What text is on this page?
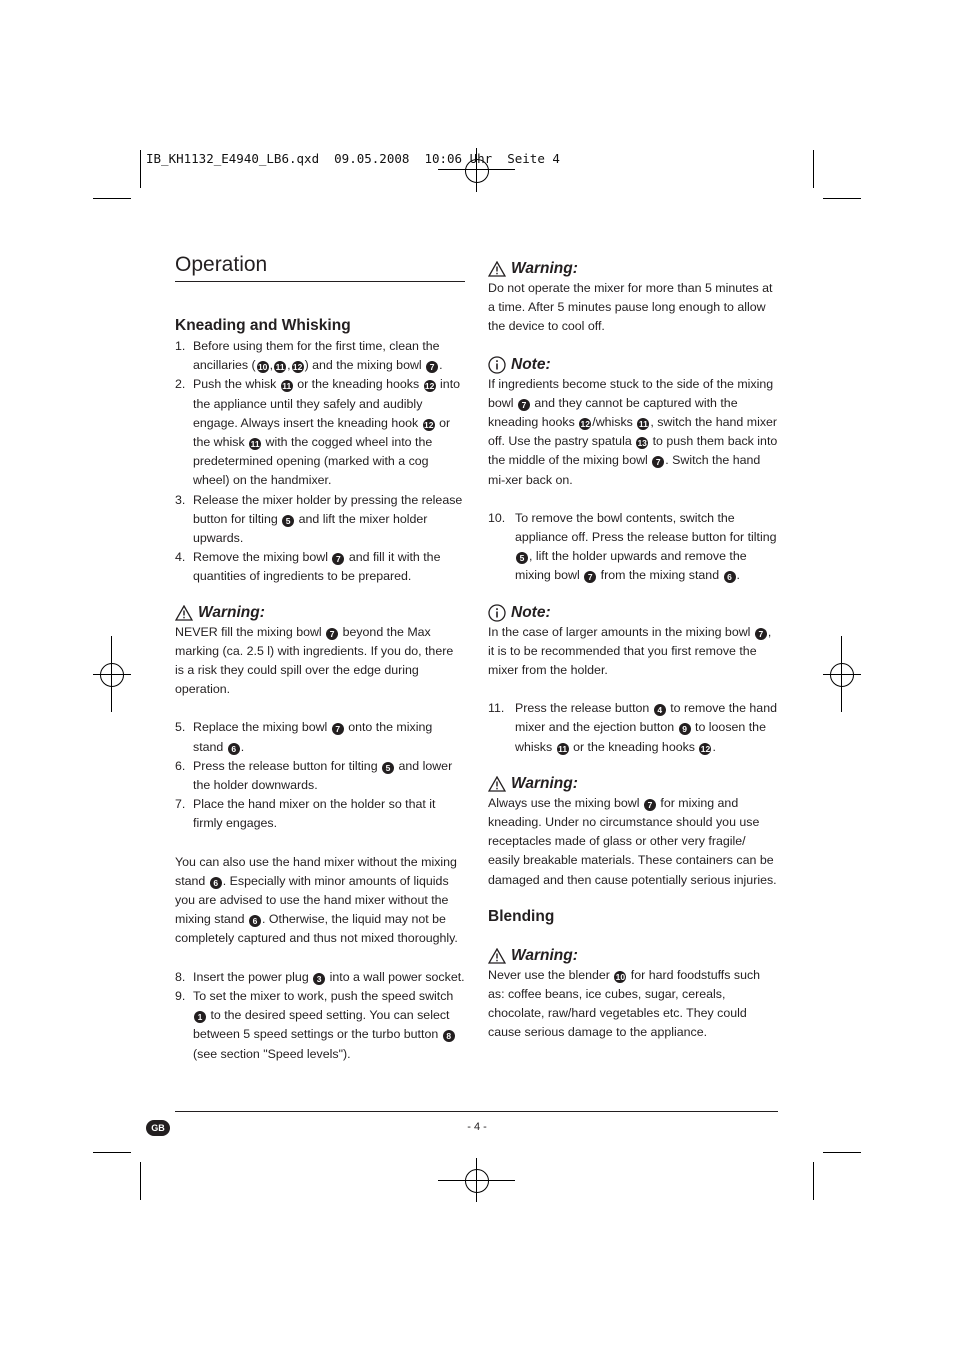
IB_KH1132_E4940_LB6.qxd  09.05.2008  10:06 Uhr  Seite 4
Operation
Kneading and Whisking
1. Before using them for the first time, clean the ancillaries ( 10 , 11 , 12 ) and the mixing bowl 7 .
2. Push the whisk 11 or the kneading hooks 12 into the appliance until they safely and audibly engage. Always insert the kneading hook 12 or the whisk 11 with the cogged wheel into the predetermined opening (marked with a cog wheel) on the handmixer.
3. Release the mixer holder by pressing the release button for tilting 5 and lift the mixer holder upwards.
4. Remove the mixing bowl 7 and fill it with the quantities of ingredients to be prepared.
Warning:

NEVER fill the mixing bowl 7 beyond the Max marking (ca. 2.5 l) with ingredients. If you do, there is a risk they could spill over the edge during operation.

5. Replace the mixing bowl 7 onto the mixing stand 6 .
6. Press the release button for tilting 5 and lower the holder downwards.
7. Place the hand mixer on the holder so that it firmly engages.

You can also use the hand mixer without the mixing stand 6 . Especially with minor amounts of liquids you are advised to use the hand mixer without the mixing stand 6 . Otherwise, the liquid may not be completely captured and thus not mixed thoroughly.

8. Insert the power plug 3 into a wall power socket.
9. To set the mixer to work, push the speed switch 1 to the desired speed setting. You can select between 5 speed settings or the turbo button 8 (see section "Speed levels").
Warning:

Do not operate the mixer for more than 5 minutes at a time. After 5 minutes pause long enough to allow the device to cool off.

Note:

If ingredients become stuck to the side of the mixing bowl 7 and they cannot be captured with the kneading hooks 12 /whisks 11 , switch the hand mixer off. Use the pastry spatula 13 to push them back into the middle of the mixing bowl 7 . Switch the hand mi-xer back on.

10. To remove the bowl contents, switch the appliance off. Press the release button for tilting 5 , lift the holder upwards and remove the mixing bowl 7 from the mixing stand 6 .
Note:

In the case of larger amounts in the mixing bowl 7 , it is to be recommended that you first remove the mixer from the holder.

11. Press the release button 4 to remove the hand mixer and the ejection button 9 to loosen the whisks 11 or the kneading hooks 12 .
Warning:

Always use the mixing bowl 7 for mixing and kneading. Under no circumstance should you use receptacles made of glass or other very fragile/ easily breakable materials. These containers can be damaged and then cause potentially serious injuries.

Blending
Warning:

Never use the blender 10 for hard foodstuffs such as: coffee beans, ice cubes, sugar, cereals, chocolate, raw/hard vegetables etc. They could cause serious damage to the appliance.

GB	- 4 -
